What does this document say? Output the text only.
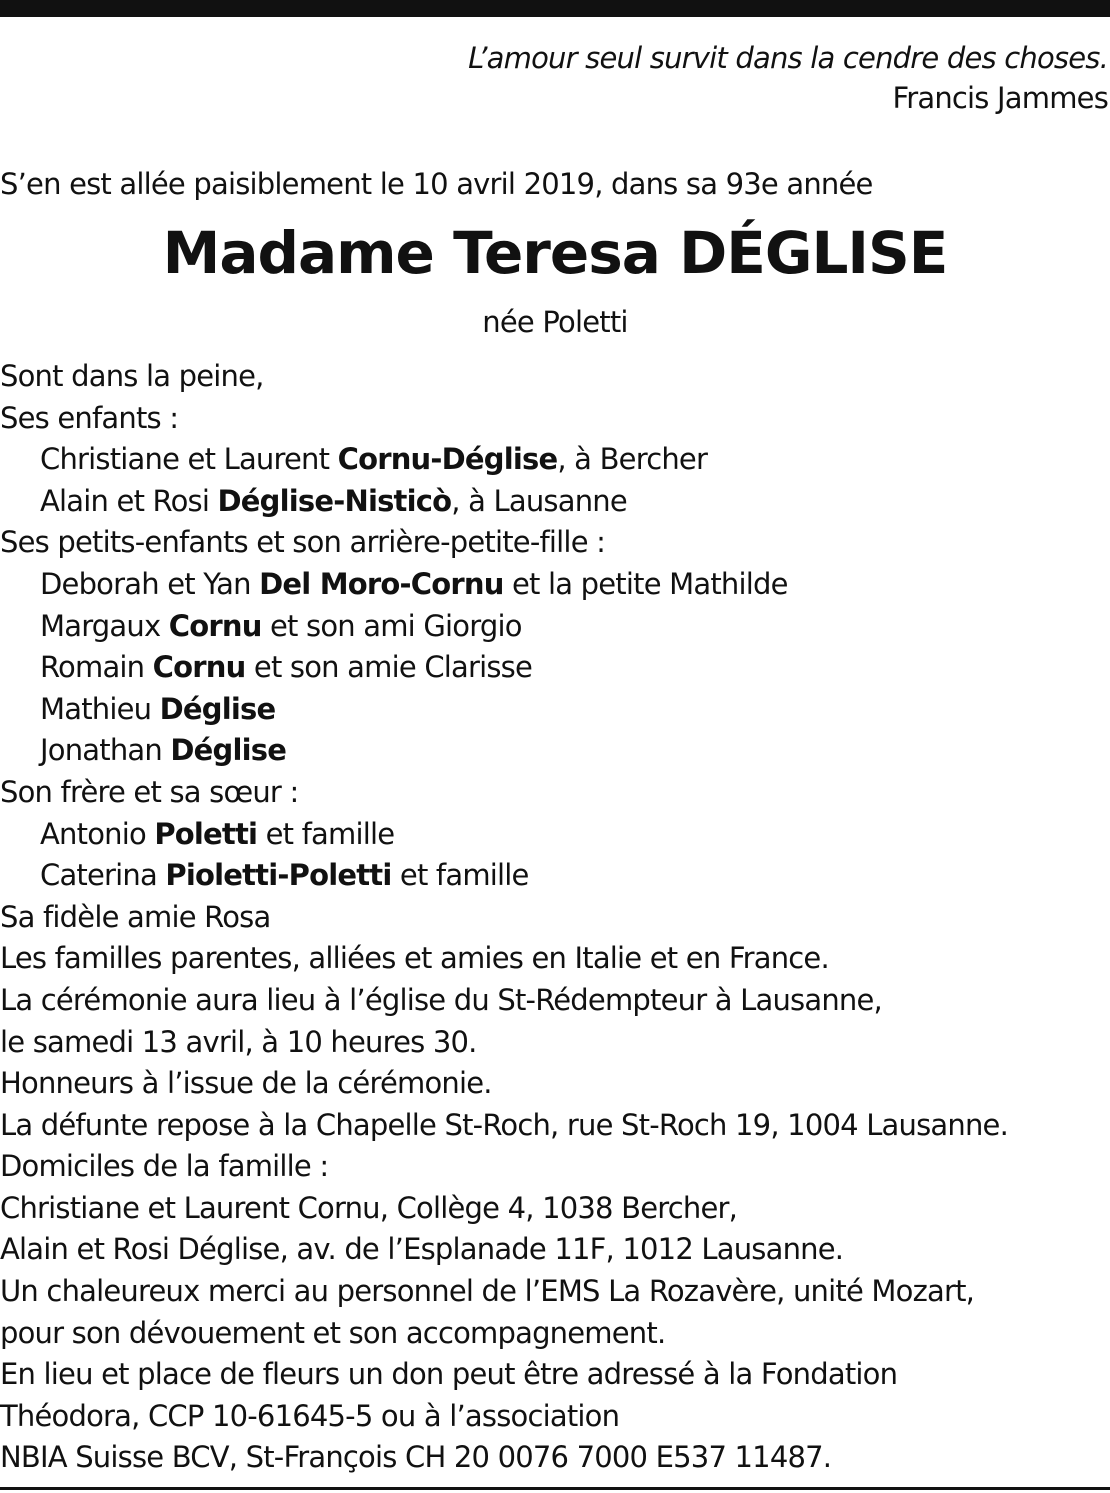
L’amour seul survit dans la cendre des choses.
Francis Jammes
S’en est allée paisiblement le 10 avril 2019, dans sa 93e année
Madame Teresa DÉGLISE
née Poletti
Sont dans la peine,
Ses enfants :
Christiane et Laurent Cornu-Déglise, à Bercher
Alain et Rosi Déglise-Nisticò, à Lausanne
Ses petits-enfants et son arrière-petite-fille :
Deborah et Yan Del Moro-Cornu et la petite Mathilde
Margaux Cornu et son ami Giorgio
Romain Cornu et son amie Clarisse
Mathieu Déglise
Jonathan Déglise
Son frère et sa sœur :
Antonio Poletti et famille
Caterina Pioletti-Poletti et famille
Sa fidèle amie Rosa
Les familles parentes, alliées et amies en Italie et en France.
La cérémonie aura lieu à l’église du St-Rédempteur à Lausanne,
le samedi 13 avril, à 10 heures 30.
Honneurs à l’issue de la cérémonie.
La défunte repose à la Chapelle St-Roch, rue St-Roch 19, 1004 Lausanne.
Domiciles de la famille :
Christiane et Laurent Cornu, Collège 4, 1038 Bercher,
Alain et Rosi Déglise, av. de l’Esplanade 11F, 1012 Lausanne.
Un chaleureux merci au personnel de l’EMS La Rozavère, unité Mozart,
pour son dévouement et son accompagnement.
En lieu et place de fleurs un don peut être adressé à la Fondation
Théodora, CCP 10-61645-5 ou à l’association
NBIA Suisse BCV, St-François CH 20 0076 7000 E537 11487.
